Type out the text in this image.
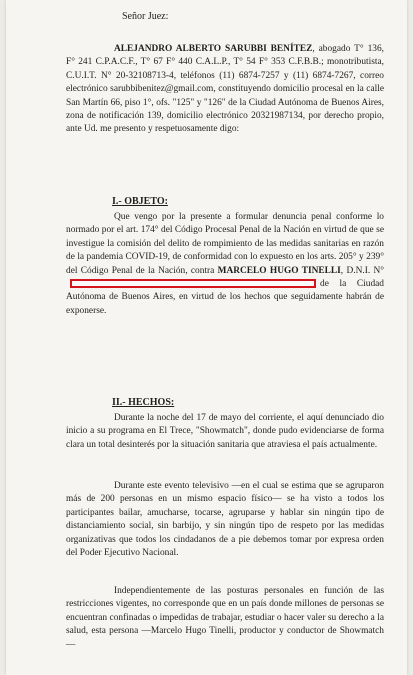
Señor Juez:

ALEJANDRO ALBERTO SARUBBI BENÍTEZ, abogado T° 136, F° 241 C.P.A.C.F., T° 67 F° 440 C.A.L.P., T° 54 F° 353 C.F.B.B.; monotributista, C.U.I.T. N° 20-32108713-4, teléfonos (11) 6874-7257 y (11) 6874-7267, correo electrónico sarubbibenitez@gmail.com, constituyendo domicilio procesal en la calle San Martín 66, piso 1°, ofs. "125" y "126" de la Ciudad Autónoma de Buenos Aires, zona de notificación 139, domicilio electrónico 20321987134, por derecho propio, ante Ud. me presento y respetuosamente digo:

I.- OBJETO:

Que vengo por la presente a formular denuncia penal conforme lo normado por el art. 174° del Código Procesal Penal de la Nación en virtud de que se investigue la comisión del delito de rompimiento de las medidas sanitarias en razón de la pandemia COVID-19, de conformidad con lo expuesto en los arts. 205° y 239° del Código Penal de la Nación, contra MARCELO HUGO TINELLI, D.N.I. N°de la Ciudad Autónoma de Buenos Aires, en virtud de los hechos que seguidamente habrán de exponerse.

II.- HECHOS:

Durante la noche del 17 de mayo del corriente, el aquí denunciado dio inicio a su programa en El Trece, "Showmatch", donde pudo evidenciarse de forma clara un total desinterés por la situación sanitaria que atraviesa el país actualmente.

Durante este evento televisivo —en el cual se estima que se agruparon más de 200 personas en un mismo espacio físico— se ha visto a todos los participantes bailar, amucharse, tocarse, agruparse y hablar sin ningún tipo de distanciamiento social, sin barbijo, y sin ningún tipo de respeto por las medidas organizativas que todos los cindadanos de a pie debemos tomar por expresa orden del Poder Ejecutivo Nacional.

Independientemente de las posturas personales en función de las restricciones vigentes, no corresponde que en un país donde millones de personas se encuentran confinadas o impedidas de trabajar, estudiar o hacer valer su derecho a la salud, esta persona —Marcelo Hugo Tinelli, productor y conductor de Showmatch—
